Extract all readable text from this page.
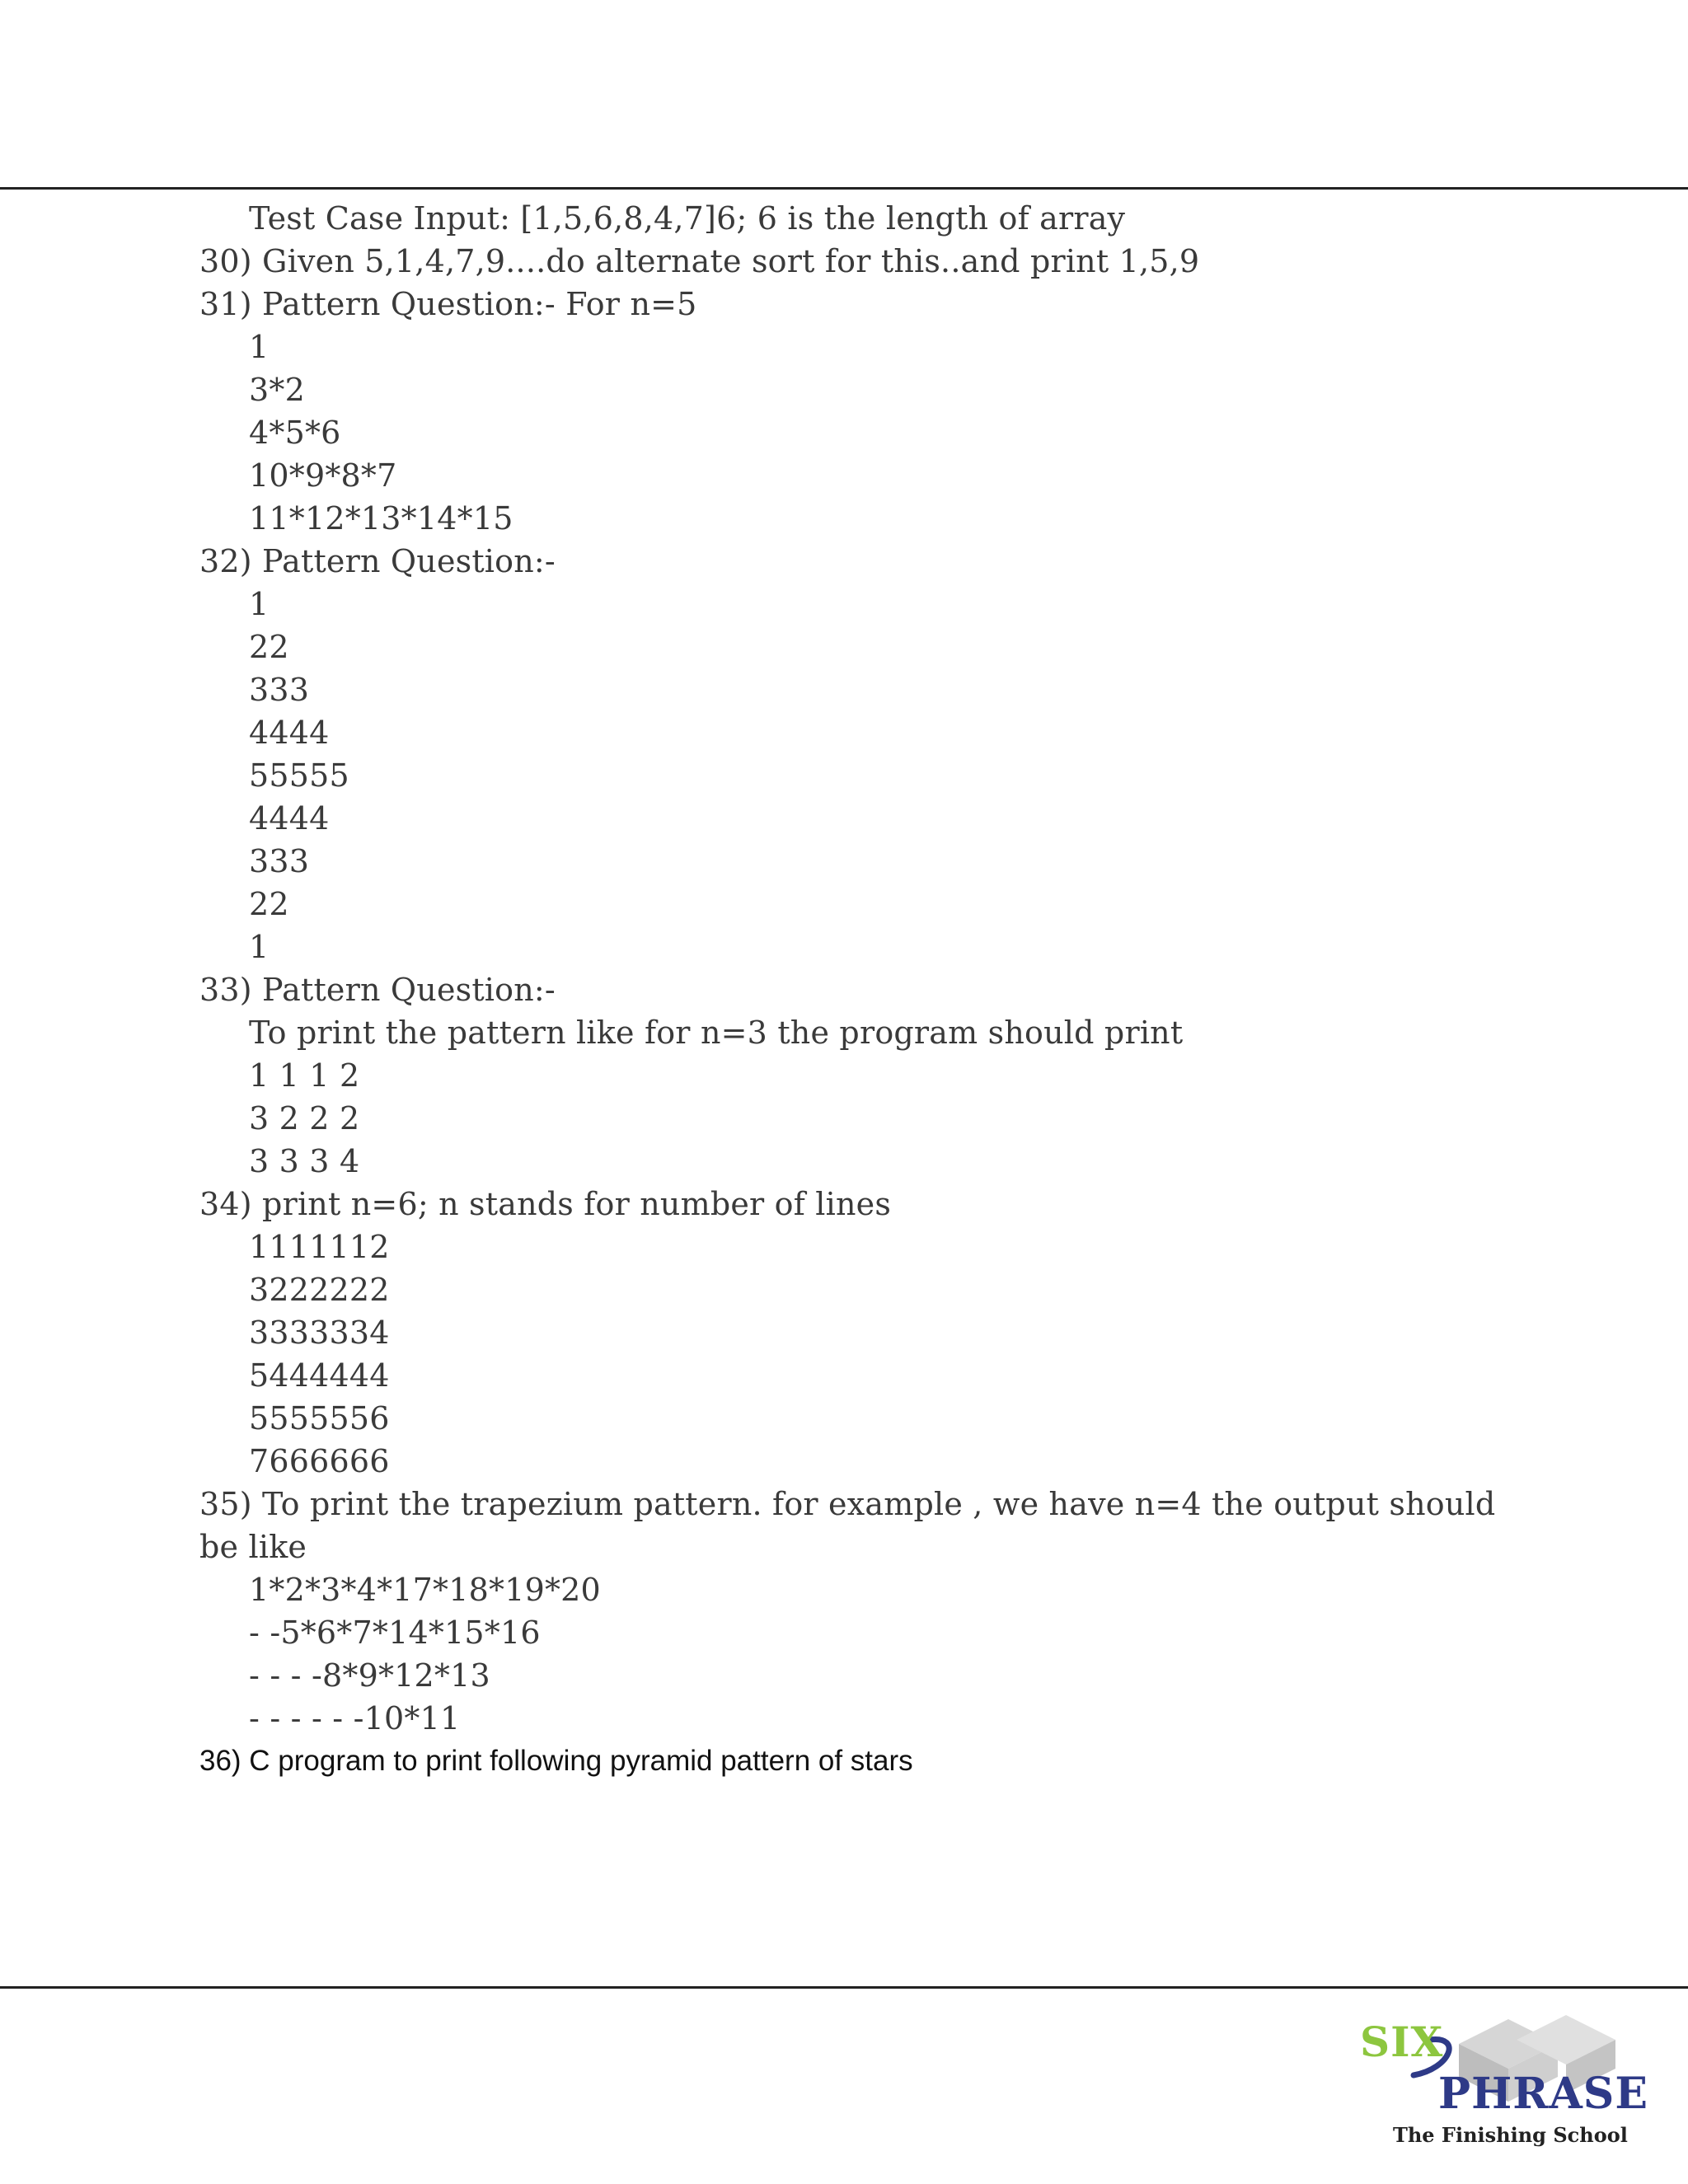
Test Case Input: [1,5,6,8,4,7]6; 6 is the length of array
30) Given 5,1,4,7,9....do alternate sort for this..and print 1,5,9
31) Pattern Question:- For n=5
1
3*2
4*5*6
10*9*8*7
11*12*13*14*15
32) Pattern Question:-
1
22
333
4444
55555
4444
333
22
1
33) Pattern Question:-
To print the pattern like for n=3 the program should print
1 1 1 2
3 2 2 2
3 3 3 4
34) print n=6; n stands for number of lines
1111112
3222222
3333334
5444444
5555556
7666666
35) To print the trapezium pattern. for example , we have n=4 the output should
be like
1*2*3*4*17*18*19*20
- -5*6*7*14*15*16
- - - -8*9*12*13
- - - - - -10*11
36) C program to print following pyramid pattern of stars
SIX
PHRASE
The Finishing School
